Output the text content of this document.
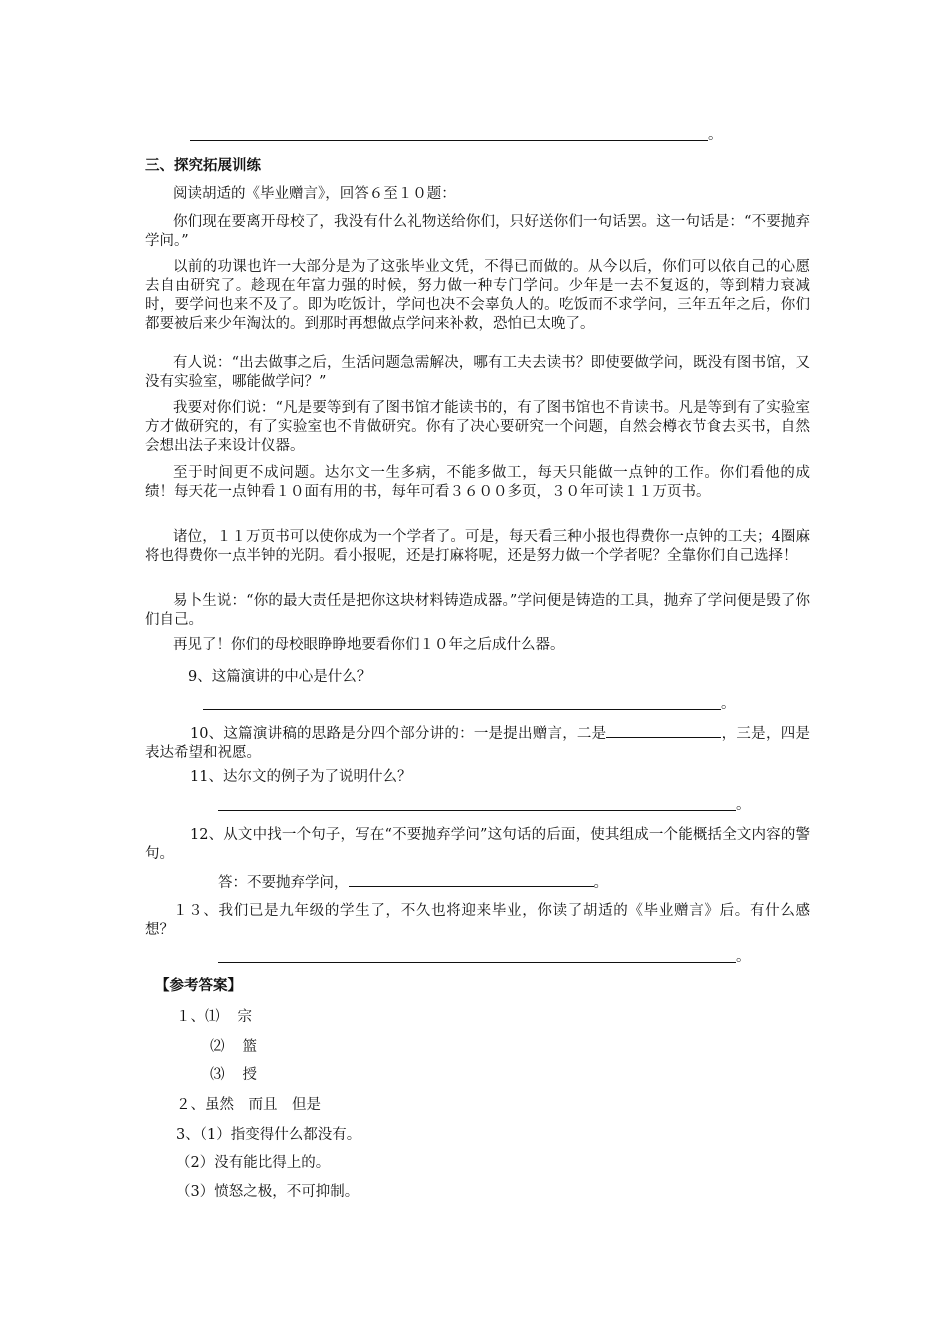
。

三、探究拓展训练

阅读胡适的《毕业赠言》，回答６至１０题：

你们现在要离开母校了，我没有什么礼物送给你们，只好送你们一句话罢。这一句话是：“不要抛弃学问。”

以前的功课也许一大部分是为了这张毕业文凭，不得已而做的。从今以后，你们可以依自己的心愿去自由研究了。趁现在年富力强的时候，努力做一种专门学问。少年是一去不复返的，等到精力衰减时，要学问也来不及了。即为吃饭计，学问也决不会辜负人的。吃饭而不求学问，三年五年之后，你们都要被后来少年淘汰的。到那时再想做点学问来补救，恐怕已太晚了。

有人说：“出去做事之后，生活问题急需解决，哪有工夫去读书？即使要做学问，既没有图书馆，又没有实验室，哪能做学问？”

我要对你们说：“凡是要等到有了图书馆才能读书的，有了图书馆也不肯读书。凡是等到有了实验室方才做研究的，有了实验室也不肯做研究。你有了决心要研究一个问题，自然会樽衣节食去买书，自然会想出法子来设计仪器。

至于时间更不成问题。达尔文一生多病，不能多做工，每天只能做一点钟的工作。你们看他的成绩！每天花一点钟看１０面有用的书，每年可看３６００多页，３０年可读１１万页书。

诸位，１１万页书可以使你成为一个学者了。可是，每天看三种小报也得费你一点钟的工夫；4圈麻将也得费你一点半钟的光阴。看小报呢，还是打麻将呢，还是努力做一个学者呢？全靠你们自己选择！

易卜生说：“你的最大责任是把你这块材料铸造成器。”学问便是铸造的工具，抛弃了学问便是毁了你们自己。

再见了！你们的母校眼睁睁地要看你们１０年之后成什么器。

9、这篇演讲的中心是什么？

。

10、这篇演讲稿的思路是分四个部分讲的：一是提出赠言，二是	，三是，四是表达希望和祝愿。

11、达尔文的例子为了说明什么？

。

12、从文中找一个句子，写在“不要抛弃学问”这句话的后面，使其组成一个能概括全文内容的警句。

答：不要抛弃学问，	。

１３、我们已是九年级的学生了，不久也将迎来毕业，你读了胡适的《毕业赠言》后。有什么感想？

。

【参考答案】

１、⑴ 宗

⑵ 篮

⑶ 授

２、虽然　而且　但是

3、（1）指变得什么都没有。

（2）没有能比得上的。

（3）愤怒之极，不可抑制。
